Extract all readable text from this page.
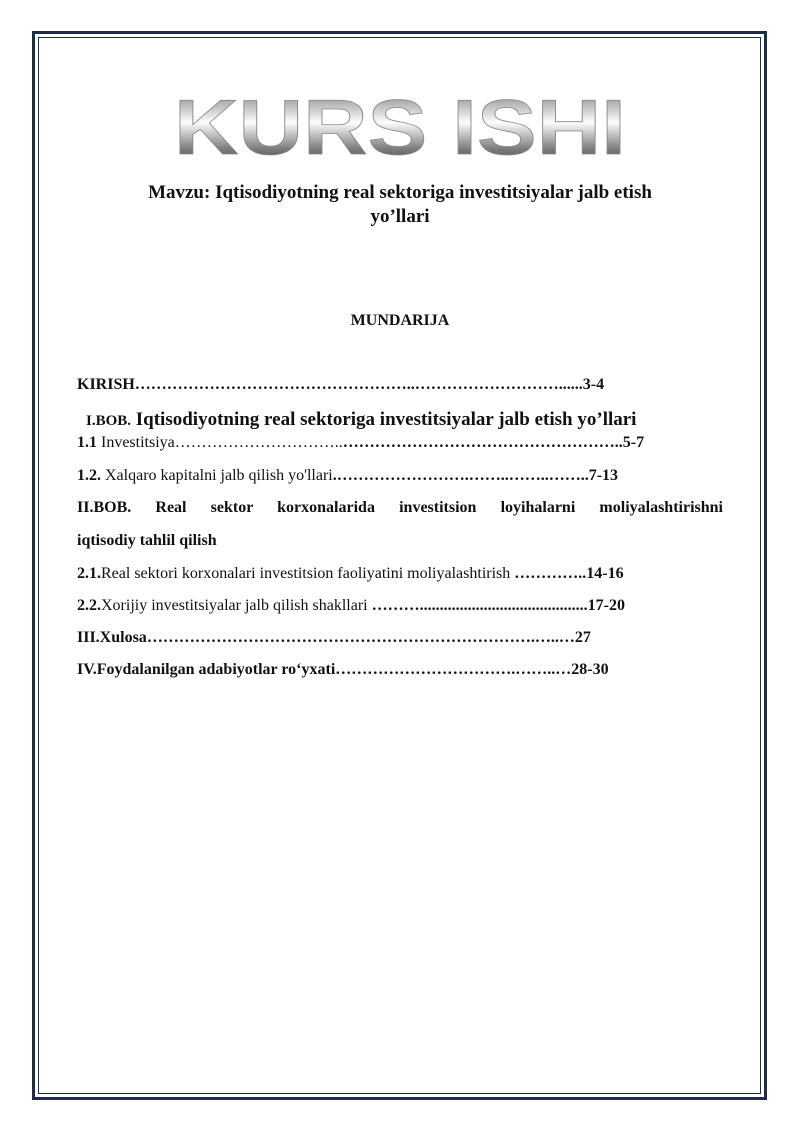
KURS ISHI
Mavzu: Iqtisodiyotning real sektoriga investitsiyalar jalb etish
yo’llari
MUNDARIJA
KIRISH……………………………………………..………………………......3-4
I.BOB. Iqtisodiyotning real sektoriga investitsiyalar jalb etish yo’llari
1.1 Investitsiya…………………………..……………………………………………..5-7
1.2. Xalqaro kapitalni jalb qilish yo'llari.…………………….……..……..……..7-13
II.BOB. Real sektor korxonalarida investitsion loyihalarni moliyalashtirishni
iqtisodiy tahlil qilish
2.1.Real sektori korxonalari investitsion faoliyatini moliyalashtirish …………..14-16
2.2.Xorijiy investitsiyalar jalb qilish shakllari ………..........................................17-20
III.Xulosa……………………………………………………………….…..…27
IV.Foydalanilgan adabiyotlar ro‘yxati…………………………….……..…28-30
